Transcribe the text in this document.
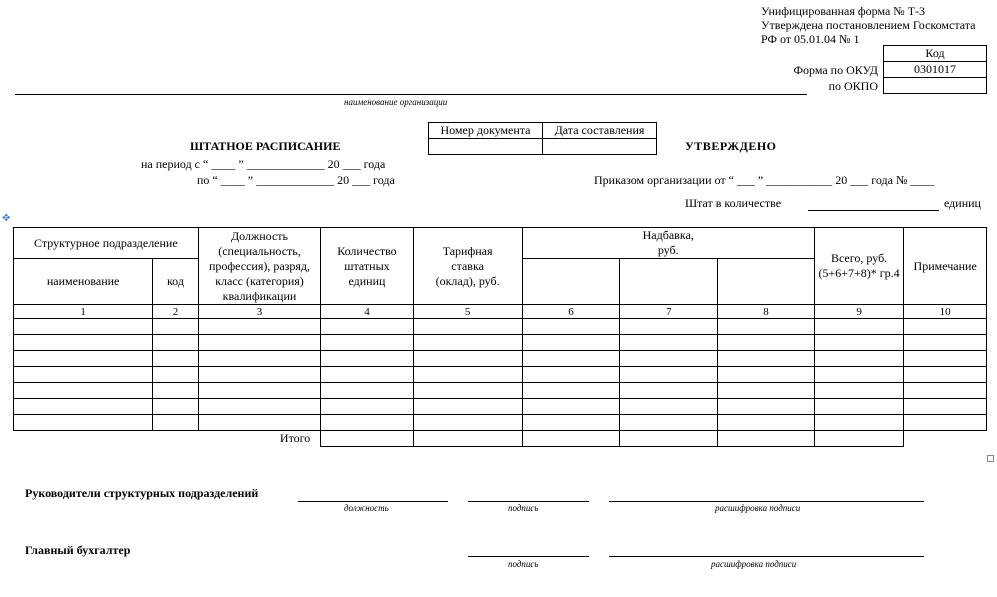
Унифицированная форма № Т-3
Утверждена постановлением Госкомстата
РФ от 05.01.04 № 1
Код
0301017

Форма по ОКУД
по ОКПО
наименование организации
ШТАТНОЕ РАСПИСАНИЕ
Номер документа	Дата составления

на период с “ ____ ” _____________ 20 ___ года
по “ ____ ” _____________ 20 ___ года
УТВЕРЖДЕНО
Приказом организации от “ ___ ” ___________ 20 ___ года № ____
Штат в количестве	единиц
✥
Структурное подразделение		Должность (специальность, профессия), разряд, класс (категория) квалификации	Количество штатных единиц	Тарифная ставка (оклад), руб.	Надбавка, руб.			Всего, руб. (5+6+7+8)* гр.4	Примечание
наименование	код								
1	2	3	4	5	6	7	8	9	10

Итого									
Руководители структурных подразделений
должность	подпись	расшифровка подписи
Главный бухгалтер
подпись	расшифровка подписи
